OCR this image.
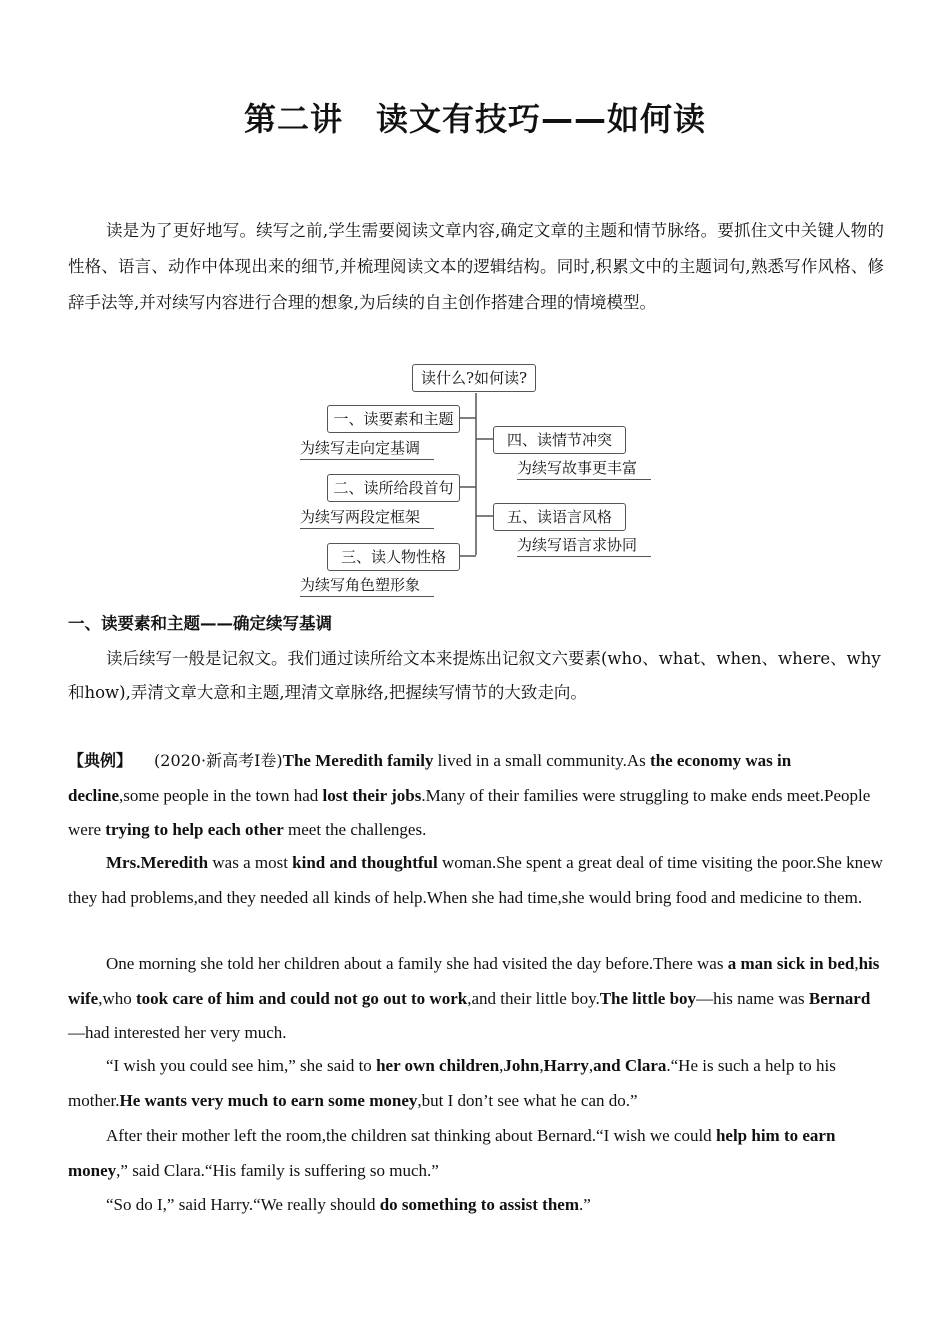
第二讲　读文有技巧——如何读

读是为了更好地写。续写之前,学生需要阅读文章内容,确定文章的主题和情节脉络。要抓住文中关键人物的性格、语言、动作中体现出来的细节,并梳理阅读文本的逻辑结构。同时,积累文中的主题词句,熟悉写作风格、修辞手法等,并对续写内容进行合理的想象,为后续的自主创作搭建合理的情境模型。

读什么?如何读?
一、读要素和主题
为续写走向定基调
二、读所给段首句
为续写两段定框架
三、读人物性格
为续写角色塑形象
四、读情节冲突
为续写故事更丰富
五、读语言风格
为续写语言求协同
一、读要素和主题——确定续写基调

读后续写一般是记叙文。我们通过读所给文本来提炼出记叙文六要素(who、what、when、where、why和how),弄清文章大意和主题,理清文章脉络,把握续写情节的大致走向。

【典例】 (2020·新高考Ⅰ卷)The Meredith family lived in a small community.As the economy was in decline,some people in the town had lost their jobs.Many of their families were struggling to make ends meet.People were trying to help each other meet the challenges.

Mrs.Meredith was a most kind and thoughtful woman.She spent a great deal of time visiting the poor.She knew they had problems,and they needed all kinds of help.When she had time,she would bring food and medicine to them.

One morning she told her children about a family she had visited the day before.There was a man sick in bed,his wife,who took care of him and could not go out to work,and their little boy.The little boy—his name was Bernard—had interested her very much.

“I wish you could see him,” she said to her own children,John,Harry,and Clara.“He is such a help to his mother.He wants very much to earn some money,but I don’t see what he can do.”

After their mother left the room,the children sat thinking about Bernard.“I wish we could help him to earn money,” said Clara.“His family is suffering so much.”

“So do I,” said Harry.“We really should do something to assist them.”
